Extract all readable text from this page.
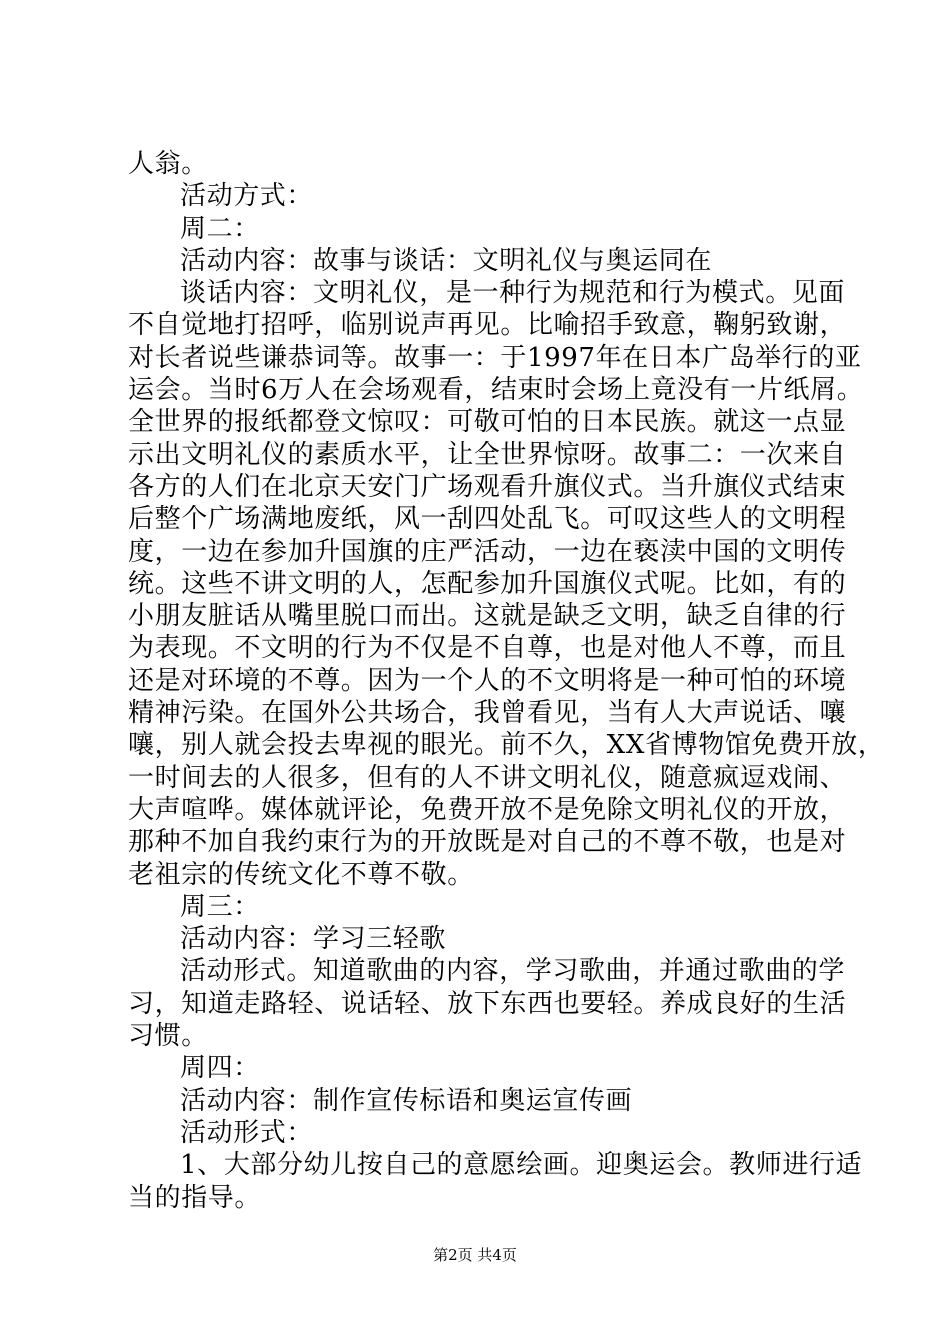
人翁。
活动方式：
周二：
活动内容：故事与谈话：文明礼仪与奥运同在
谈话内容：文明礼仪，是一种行为规范和行为模式。见面
不自觉地打招呼，临别说声再见。比喻招手致意，鞠躬致谢，
对长者说些谦恭词等。故事一：于1997年在日本广岛举行的亚
运会。当时6万人在会场观看，结束时会场上竟没有一片纸屑。
全世界的报纸都登文惊叹：可敬可怕的日本民族。就这一点显
示出文明礼仪的素质水平，让全世界惊呀。故事二：一次来自
各方的人们在北京天安门广场观看升旗仪式。当升旗仪式结束
后整个广场满地废纸，风一刮四处乱飞。可叹这些人的文明程
度，一边在参加升国旗的庄严活动，一边在亵渎中国的文明传
统。这些不讲文明的人，怎配参加升国旗仪式呢。比如，有的
小朋友脏话从嘴里脱口而出。这就是缺乏文明，缺乏自律的行
为表现。不文明的行为不仅是不自尊，也是对他人不尊，而且
还是对环境的不尊。因为一个人的不文明将是一种可怕的环境
精神污染。在国外公共场合，我曾看见，当有人大声说话、嚷
嚷，别人就会投去卑视的眼光。前不久，XX省博物馆免费开放，
一时间去的人很多，但有的人不讲文明礼仪，随意疯逗戏闹、
大声喧哗。媒体就评论，免费开放不是免除文明礼仪的开放，
那种不加自我约束行为的开放既是对自己的不尊不敬，也是对
老祖宗的传统文化不尊不敬。
周三：
活动内容：学习三轻歌
活动形式。知道歌曲的内容，学习歌曲，并通过歌曲的学
习，知道走路轻、说话轻、放下东西也要轻。养成良好的生活
习惯。
周四：
活动内容：制作宣传标语和奥运宣传画
活动形式：
1、大部分幼儿按自己的意愿绘画。迎奥运会。教师进行适
当的指导。
第2页 共4页
